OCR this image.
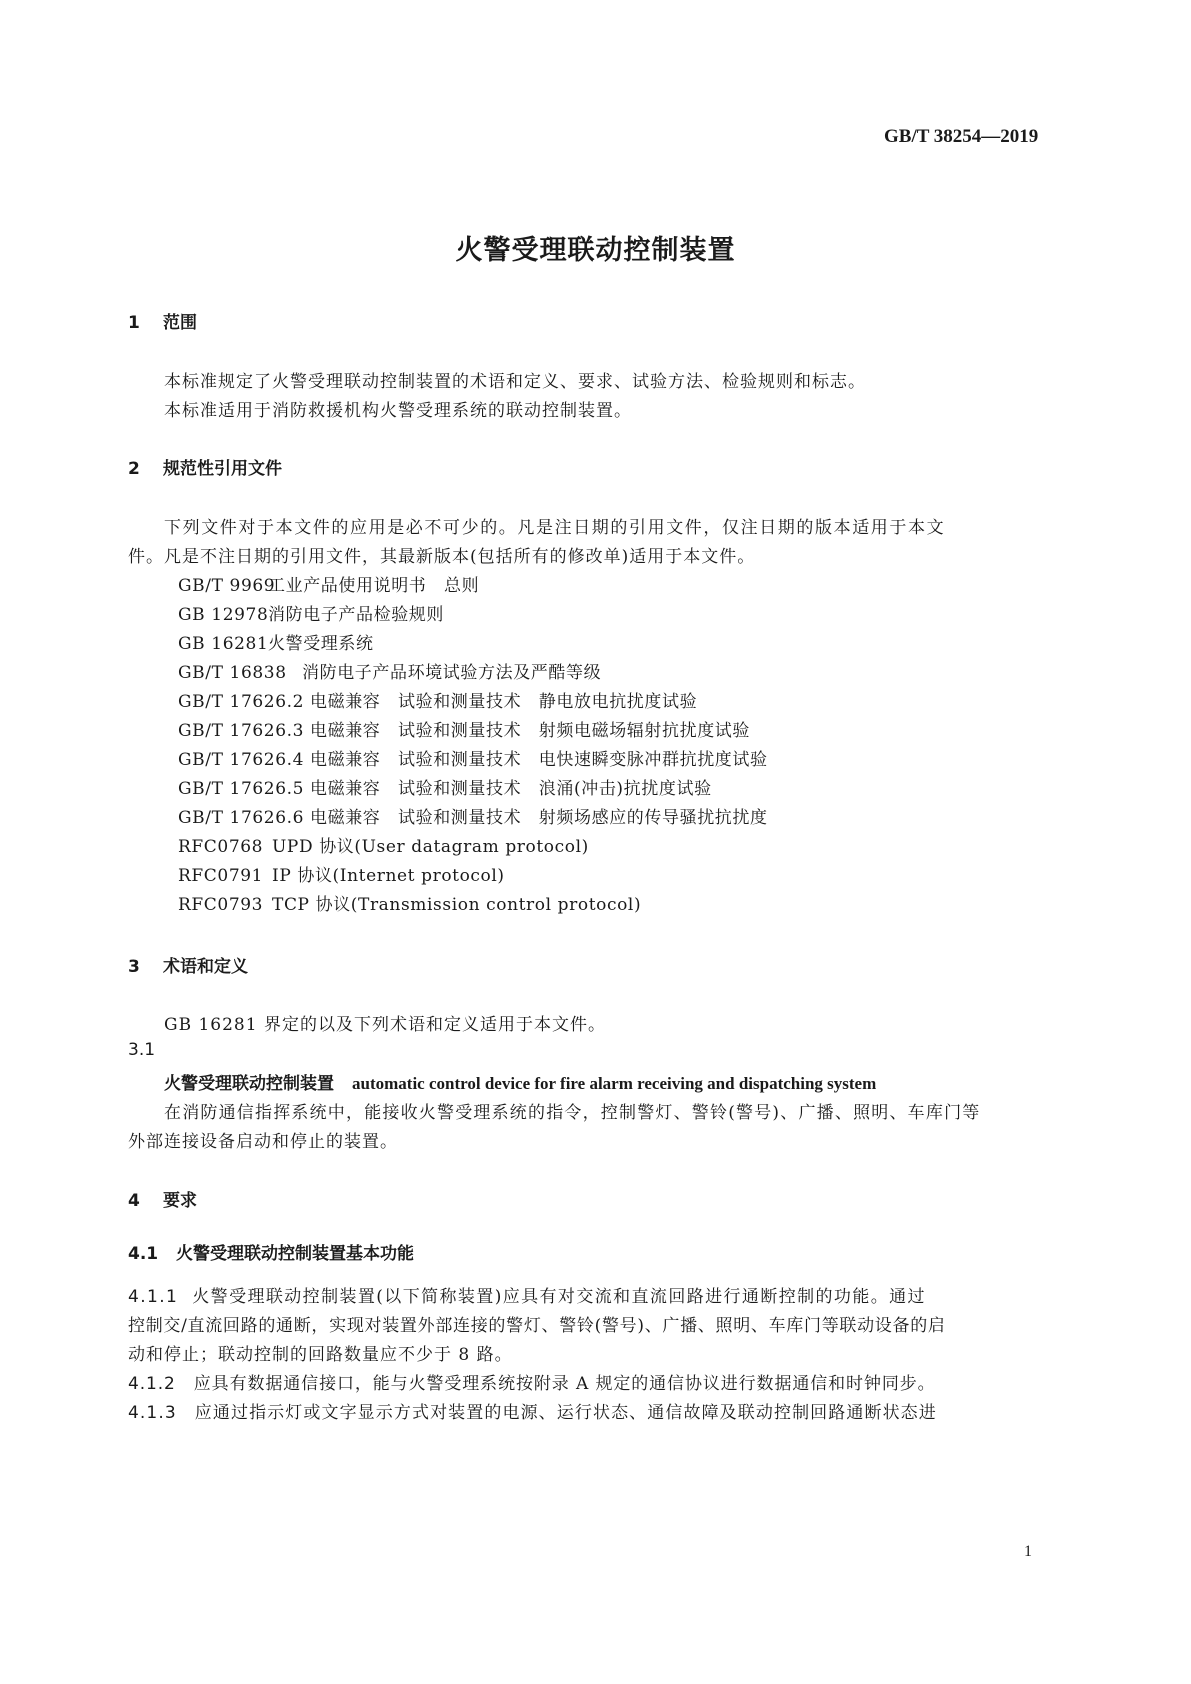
GB/T 38254—2019
火警受理联动控制装置
1 范围
本标准规定了火警受理联动控制装置的术语和定义、要求、试验方法、检验规则和标志。
本标准适用于消防救援机构火警受理系统的联动控制装置。
2 规范性引用文件
下列文件对于本文件的应用是必不可少的。凡是注日期的引用文件，仅注日期的版本适用于本文
件。凡是不注日期的引用文件，其最新版本(包括所有的修改单)适用于本文件。
GB/T 9969工业产品使用说明书　总则
GB 12978消防电子产品检验规则
GB 16281火警受理系统
GB/T 16838 消防电子产品环境试验方法及严酷等级
GB/T 17626.2 电磁兼容　试验和测量技术　静电放电抗扰度试验
GB/T 17626.3 电磁兼容　试验和测量技术　射频电磁场辐射抗扰度试验
GB/T 17626.4 电磁兼容　试验和测量技术　电快速瞬变脉冲群抗扰度试验
GB/T 17626.5 电磁兼容　试验和测量技术　浪涌(冲击)抗扰度试验
GB/T 17626.6 电磁兼容　试验和测量技术　射频场感应的传导骚扰抗扰度
RFC0768 UPD 协议(User datagram protocol)
RFC0791 IP 协议(Internet protocol)
RFC0793 TCP 协议(Transmission control protocol)
3 术语和定义
GB 16281 界定的以及下列术语和定义适用于本文件。
3.1
火警受理联动控制装置 automatic control device for fire alarm receiving and dispatching system
在消防通信指挥系统中，能接收火警受理系统的指令，控制警灯、警铃(警号)、广播、照明、车库门等
外部连接设备启动和停止的装置。
4 要求
4.1 火警受理联动控制装置基本功能
4.1.1 火警受理联动控制装置(以下简称装置)应具有对交流和直流回路进行通断控制的功能。通过
控制交/直流回路的通断，实现对装置外部连接的警灯、警铃(警号)、广播、照明、车库门等联动设备的启
动和停止；联动控制的回路数量应不少于 8 路。
4.1.2 应具有数据通信接口，能与火警受理系统按附录 A 规定的通信协议进行数据通信和时钟同步。
4.1.3 应通过指示灯或文字显示方式对装置的电源、运行状态、通信故障及联动控制回路通断状态进
1
